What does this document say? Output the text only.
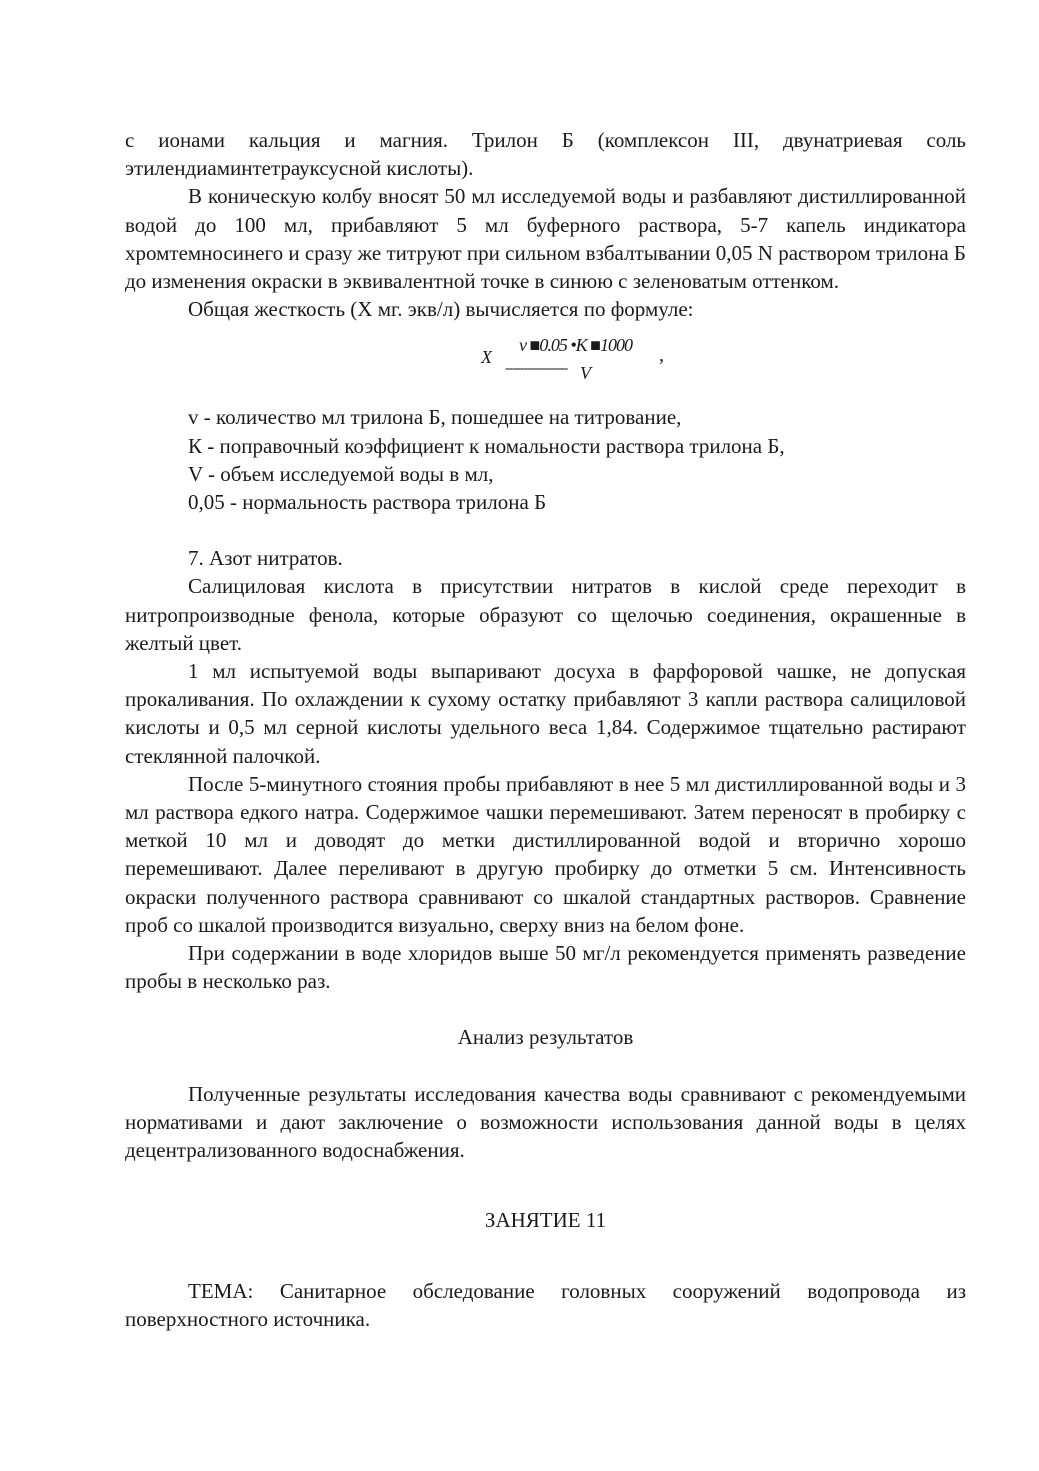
с ионами кальция и магния. Трилон Б (комплексон III, двунатриевая соль этилендиаминтетрауксусной кислоты).

В коническую колбу вносят 50 мл исследуемой воды и разбавляют дистиллированной водой до 100 мл, прибавляют 5 мл буферного раствора, 5-7 капель индикатора хромтемносинего и сразу же титруют при сильном взбалтывании 0,05 N раствором трилона Б до изменения окраски в эквивалентной точке в синюю с зеленоватым оттенком.

Общая жесткость (Х мг. экв/л) вычисляется по формуле:

X
v ■0.05 •K ■1000
----------------- V
,

v - количество мл трилона Б, пошедшее на титрование,

К - поправочный коэффициент к номальности раствора трилона Б,

V - объем исследуемой воды в мл,

0,05 - нормальность раствора трилона Б

7. Азот нитратов.

Салициловая кислота в присутствии нитратов в кислой среде переходит в нитропроизводные фенола, которые образуют со щелочью соединения, окрашенные в желтый цвет.

1 мл испытуемой воды выпаривают досуха в фарфоровой чашке, не допуская прокаливания. По охлаждении к сухому остатку прибавляют 3 капли раствора салициловой кислоты и 0,5 мл серной кислоты удельного веса 1,84. Содержимое тщательно растирают стеклянной палочкой.

После 5-минутного стояния пробы прибавляют в нее 5 мл дистиллированной воды и 3 мл раствора едкого натра. Содержимое чашки перемешивают. Затем переносят в пробирку с меткой 10 мл и доводят до метки дистиллированной водой и вторично хорошо перемешивают. Далее переливают в другую пробирку до отметки 5 см. Интенсивность окраски полученного раствора сравнивают со шкалой стандартных растворов. Сравнение проб со шкалой производится визуально, сверху вниз на белом фоне.

При содержании в воде хлоридов выше 50 мг/л рекомендуется применять разведение пробы в несколько раз.

Анализ результатов

Полученные результаты исследования качества воды сравнивают с рекомендуемыми нормативами и дают заключение о возможности использования данной воды в целях децентрализованного водоснабжения.

ЗАНЯТИЕ 11

ТЕМА: Санитарное обследование головных сооружений водопровода из поверхностного источника.
